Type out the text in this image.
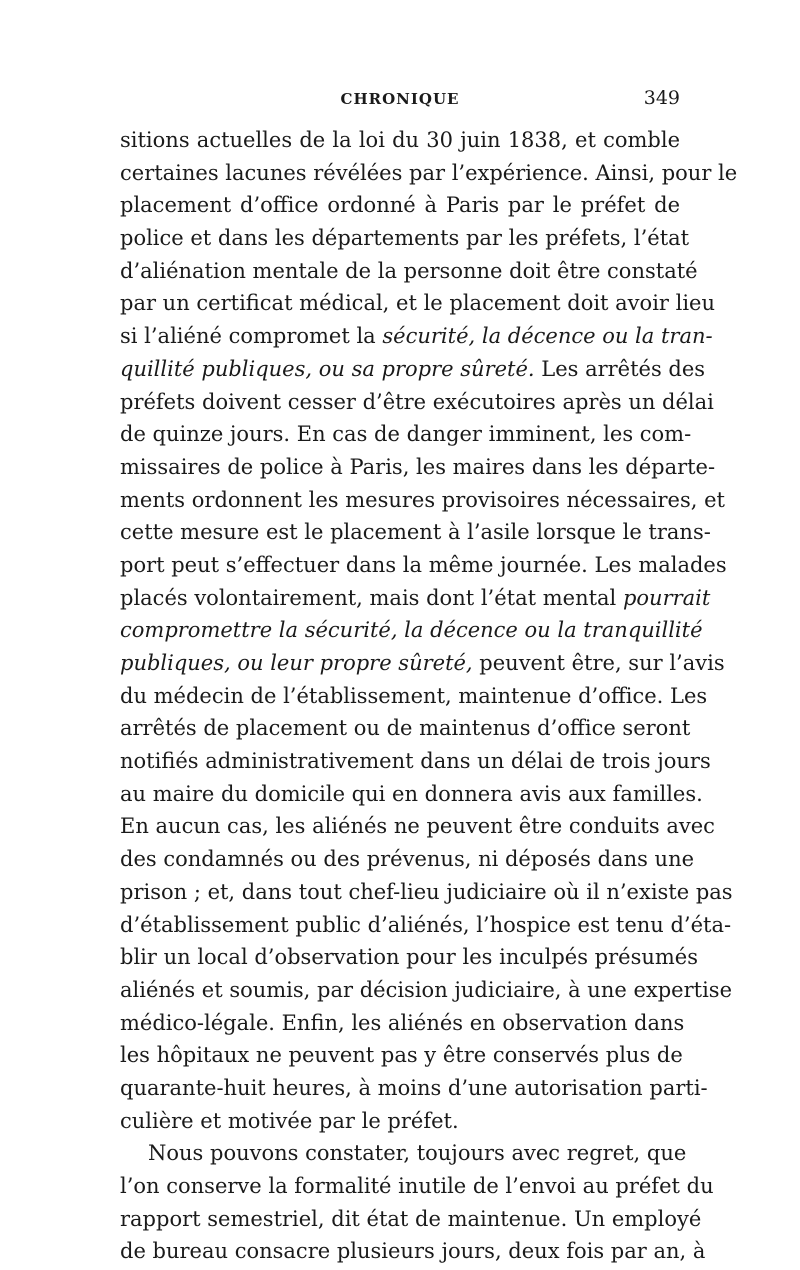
CHRONIQUE	349
sitions actuelles de la loi du 30 juin 1838, et comble
certaines lacunes révélées par l’expérience. Ainsi, pour le
placement d’office ordonné à Paris par le préfet de
police et dans les départements par les préfets, l’état
d’aliénation mentale de la personne doit être constaté
par un certificat médical, et le placement doit avoir lieu
si l’aliéné compromet la sécurité, la décence ou la tran-
quillité publiques, ou sa propre sûreté. Les arrêtés des
préfets doivent cesser d’être exécutoires après un délai
de quinze jours. En cas de danger imminent, les com-
missaires de police à Paris, les maires dans les départe-
ments ordonnent les mesures provisoires nécessaires, et
cette mesure est le placement à l’asile lorsque le trans-
port peut s’effectuer dans la même journée. Les malades
placés volontairement, mais dont l’état mental pourrait
compromettre la sécurité, la décence ou la tranquillité
publiques, ou leur propre sûreté, peuvent être, sur l’avis
du médecin de l’établissement, maintenue d’office. Les
arrêtés de placement ou de maintenus d’office seront
notifiés administrativement dans un délai de trois jours
au maire du domicile qui en donnera avis aux familles.
En aucun cas, les aliénés ne peuvent être conduits avec
des condamnés ou des prévenus, ni déposés dans une
prison ; et, dans tout chef-lieu judiciaire où il n’existe pas
d’établissement public d’aliénés, l’hospice est tenu d’éta-
blir un local d’observation pour les inculpés présumés
aliénés et soumis, par décision judiciaire, à une expertise
médico-légale. Enfin, les aliénés en observation dans
les hôpitaux ne peuvent pas y être conservés plus de
quarante-huit heures, à moins d’une autorisation parti-
culière et motivée par le préfet.
Nous pouvons constater, toujours avec regret, que
l’on conserve la formalité inutile de l’envoi au préfet du
rapport semestriel, dit état de maintenue. Un employé
de bureau consacre plusieurs jours, deux fois par an, à
